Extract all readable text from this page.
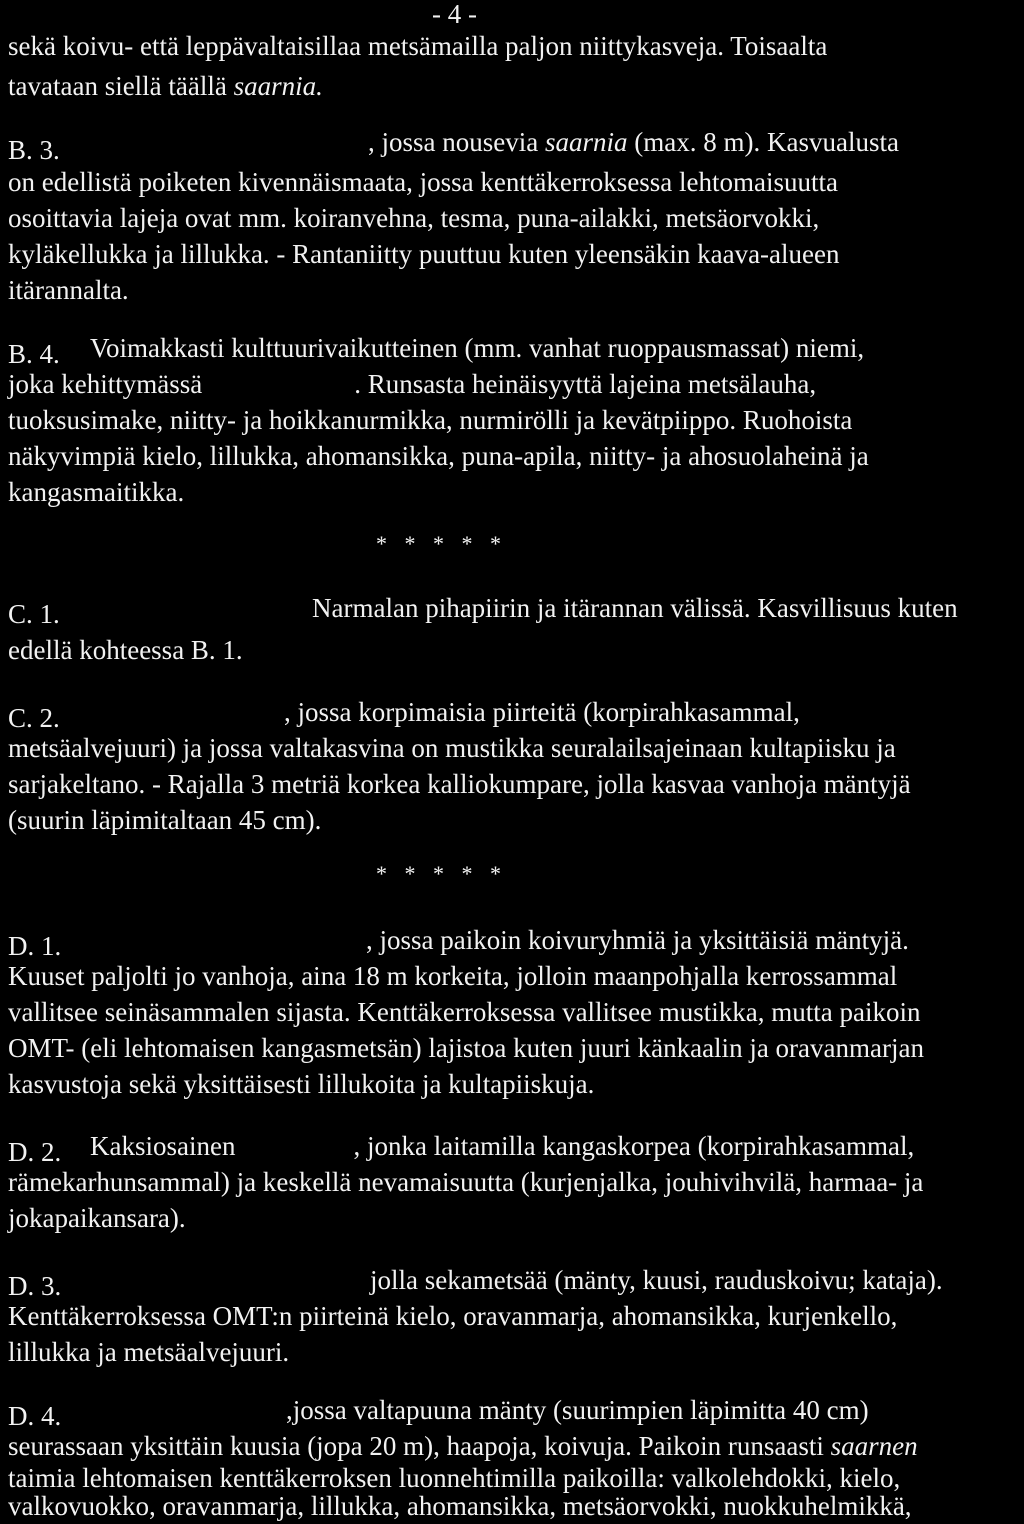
- 4 -
sekä koivu- että leppävaltaisillaa metsämailla paljon niittykasveja. Toisaalta
tavataan siellä täällä saarnia.
B. 3.	, jossa nousevia saarnia (max. 8 m). Kasvualusta
on edellistä poiketen kivennäismaata, jossa kenttäkerroksessa lehtomaisuutta
osoittavia lajeja ovat mm. koiranvehna, tesma, puna-ailakki, metsäorvokki,
kyläkellukka ja lillukka. - Rantaniitty puuttuu kuten yleensäkin kaava-alueen
itärannalta.
B. 4. Voimakkasti kulttuurivaikutteinen (mm. vanhat ruoppausmassat) niemi,
joka kehittymässä	. Runsasta heinäisyyttä lajeina metsälauha,
tuoksusimake, niitty- ja hoikkanurmikka, nurmirölli ja kevätpiippo. Ruohoista
näkyvimpiä kielo, lillukka, ahomansikka, puna-apila, niitty- ja ahosuolaheinä ja
kangasmaitikka.
* * * * *
C. 1.	Narmalan pihapiirin ja itärannan välissä. Kasvillisuus kuten
edellä kohteessa B. 1.
C. 2.	, jossa korpimaisia piirteitä (korpirahkasammal,
metsäalvejuuri) ja jossa valtakasvina on mustikka seuralailsajeinaan kultapiisku ja
sarjakeltano. - Rajalla 3 metriä korkea kalliokumpare, jolla kasvaa vanhoja mäntyjä
(suurin läpimitaltaan 45 cm).
* * * * *
D. 1.	, jossa paikoin koivuryhmiä ja yksittäisiä mäntyjä.
Kuuset paljolti jo vanhoja, aina 18 m korkeita, jolloin maanpohjalla kerrossammal
vallitsee seinäsammalen sijasta. Kenttäkerroksessa vallitsee mustikka, mutta paikoin
OMT- (eli lehtomaisen kangasmetsän) lajistoa kuten juuri känkaalin ja oravanmarjan
kasvustoja sekä yksittäisesti lillukoita ja kultapiiskuja.
D. 2. Kaksiosainen	, jonka laitamilla kangaskorpea (korpirahkasammal,
rämekarhunsammal) ja keskellä nevamaisuutta (kurjenjalka, jouhivihvilä, harmaa- ja
jokapaikansara).
D. 3.	jolla sekametsää (mänty, kuusi, rauduskoivu; kataja).
Kenttäkerroksessa OMT:n piirteinä kielo, oravanmarja, ahomansikka, kurjenkello,
lillukka ja metsäalvejuuri.
D. 4.	,jossa valtapuuna mänty (suurimpien läpimitta 40 cm)
seurassaan yksittäin kuusia (jopa 20 m), haapoja, koivuja. Paikoin runsaasti saarnen
taimia lehtomaisen kenttäkerroksen luonnehtimilla paikoilla: valkolehdokki, kielo,
valkovuokko, oravanmarja, lillukka, ahomansikka, metsäorvokki, nuokkuhelmikkä,
